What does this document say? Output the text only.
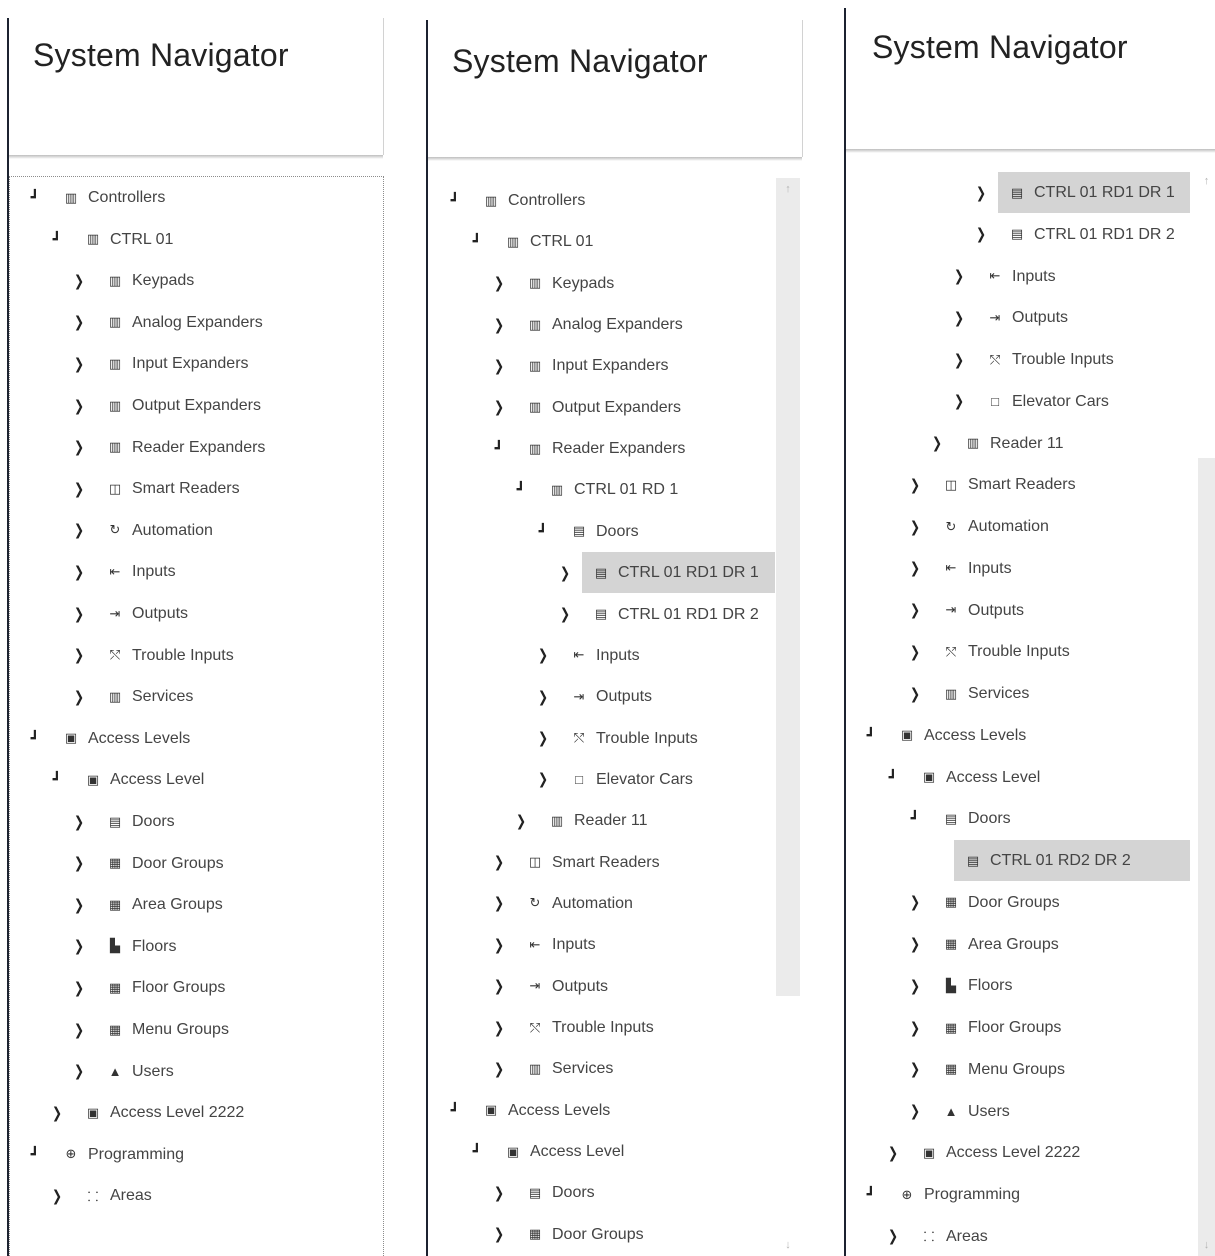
System Navigator
┛	▥ Controllers
┛	▥ CTRL 01
❯ ▥ Keypads
❯ ▥ Analog Expanders
❯ ▥ Input Expanders
❯ ▥ Output Expanders
❯ ▥ Reader Expanders
❯ ◫ Smart Readers
❯ ↻ Automation
❯ ⇤ Inputs
❯ ⇥ Outputs
❯ ⤲ Trouble Inputs
❯ ▥ Services
┛	▣ Access Levels
┛	▣ Access Level
❯ ▤ Doors
❯ ▦ Door Groups
❯ ▦ Area Groups
❯	▙ Floors
❯ ▦ Floor Groups
❯ ▦ Menu Groups
❯ ▲ Users
❯ ▣ Access Level 2222
┛	⊕ Programming
❯ ⸬ Areas
System Navigator
┛	▥ Controllers
┛	▥ CTRL 01
❯ ▥ Keypads
❯ ▥ Analog Expanders
❯ ▥ Input Expanders
❯ ▥ Output Expanders
┛	▥ Reader Expanders
┛	▥ CTRL 01 RD 1
┛	▤ Doors
❯ ▤ CTRL 01 RD1 DR 1
❯ ▤ CTRL 01 RD1 DR 2
❯ ⇤ Inputs
❯ ⇥ Outputs
❯ ⤲ Trouble Inputs
❯	□ Elevator Cars
❯ ▥ Reader 11
❯ ◫ Smart Readers
❯ ↻ Automation
❯ ⇤ Inputs
❯ ⇥ Outputs
❯ ⤲ Trouble Inputs
❯ ▥ Services
┛	▣ Access Levels
┛	▣ Access Level
❯ ▤ Doors
❯ ▦ Door Groups
↑
↓
System Navigator
❯ ▤ CTRL 01 RD1 DR 1
❯ ▤ CTRL 01 RD1 DR 2
❯ ⇤ Inputs
❯ ⇥ Outputs
❯ ⤲ Trouble Inputs
❯	□ Elevator Cars
❯ ▥ Reader 11
❯ ◫ Smart Readers
❯ ↻ Automation
❯ ⇤ Inputs
❯ ⇥ Outputs
❯ ⤲ Trouble Inputs
❯ ▥ Services
┛	▣ Access Levels
┛	▣ Access Level
┛	▤ Doors
▤ CTRL 01 RD2 DR 2
❯ ▦ Door Groups
❯ ▦ Area Groups
❯	▙ Floors
❯ ▦ Floor Groups
❯ ▦ Menu Groups
❯ ▲ Users
❯ ▣ Access Level 2222
┛	⊕ Programming
❯ ⸬ Areas
↑
↓
